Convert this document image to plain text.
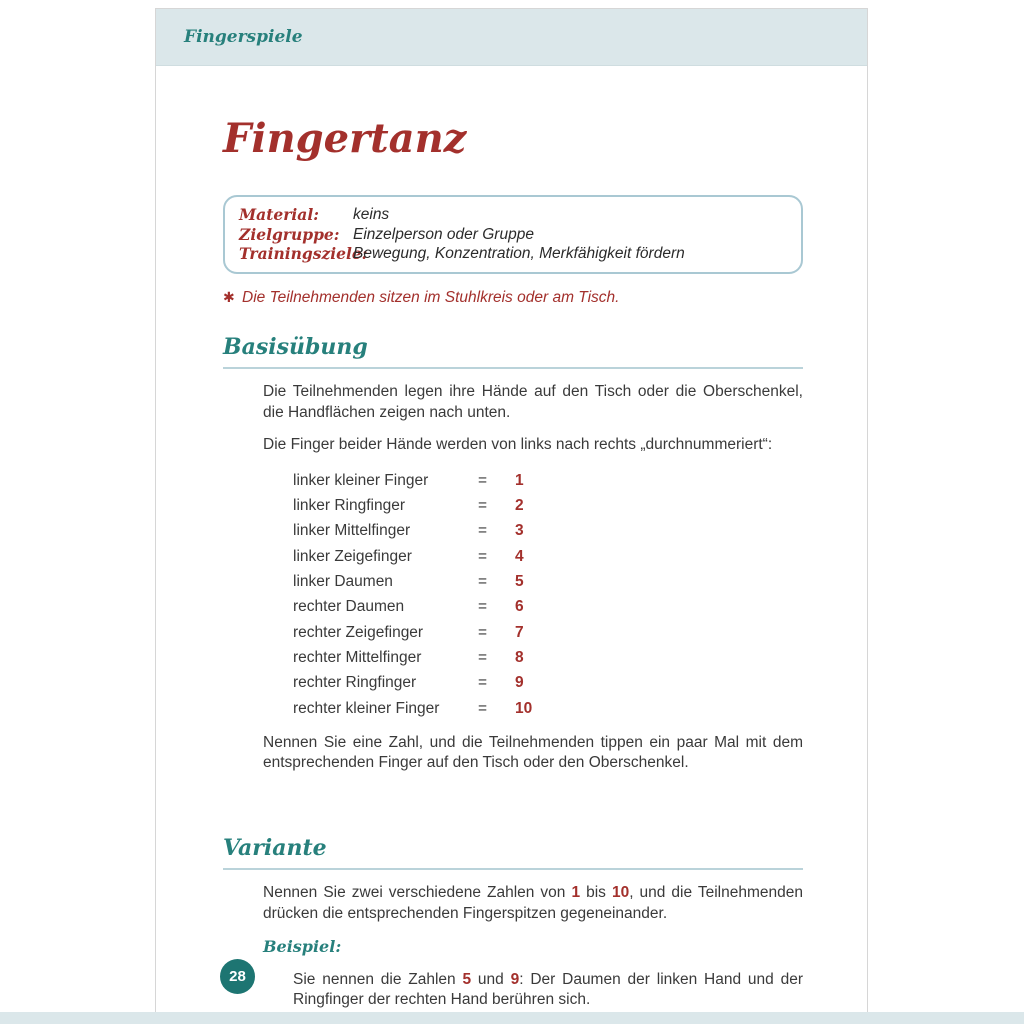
Fingerspiele
Fingertanz
Material:	keins
Zielgruppe: Einzelperson oder Gruppe
Trainingsziele:
Bewegung, Konzentration, Merkfähigkeit fördern
✱ Die Teilnehmenden sitzen im Stuhlkreis oder am Tisch.
Basisübung

Die Teilnehmenden legen ihre Hände auf den Tisch oder die Oberschenkel, die Handflächen zeigen nach unten.

Die Finger beider Hände werden von links nach rechts „durchnummeriert“:

linker kleiner Finger	=	1
linker Ringfinger	=	2
linker Mittelfinger	=	3
linker Zeigefinger	=	4
linker Daumen	=	5
rechter Daumen	=	6
rechter Zeigefinger	=	7
rechter Mittelfinger	=	8
rechter Ringfinger	=	9
rechter kleiner Finger	=	10

Nennen Sie eine Zahl, und die Teilnehmenden tippen ein paar Mal mit dem entsprechenden Finger auf den Tisch oder den Oberschenkel.

Variante

Nennen Sie zwei verschiedene Zahlen von 1 bis 10, und die Teilnehmenden drücken die entsprechenden Fingerspitzen gegeneinander.

Beispiel:

Sie nennen die Zahlen 5 und 9: Der Daumen der linken Hand und der Ringfinger der rechten Hand berühren sich.

28
